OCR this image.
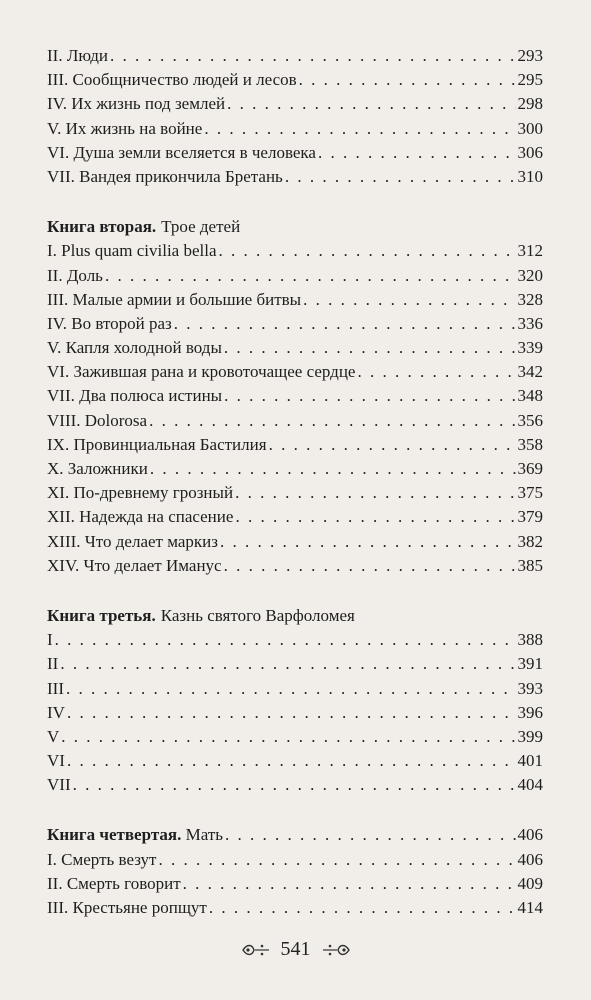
II. Люди . . .	293
III. Сообщничество людей и лесов . . .	295
IV. Их жизнь под землей . . .	298
V. Их жизнь на войне . . .	300
VI. Душа земли вселяется в человека . . .	306
VII. Вандея прикончила Бретань . . .	310
Книга вторая. Трое детей
I. Plus quam civilia bella . . .	312
II. Доль . . .	320
III. Малые армии и большие битвы . . .	328
IV. Во второй раз . . .	336
V. Капля холодной воды . . .	339
VI. Зажившая рана и кровоточащее сердце . . .	342
VII. Два полюса истины . . .	348
VIII. Dolorosa . . .	356
IX. Провинциальная Бастилия . . .	358
X. Заложники . . .	369
XI. По-древнему грозный . . .	375
XII. Надежда на спасение . . .	379
XIII. Что делает маркиз . . .	382
XIV. Что делает Иманус . . .	385
Книга третья. Казнь святого Варфоломея
I . . .	388
II . . .	391
III . . .	393
IV . . .	396
V . . .	399
VI . . .	401
VII . . .	404
Книга четвертая. Мать . . .	406
I. Смерть везут . . .	406
II. Смерть говорит . . .	409
III. Крестьяне ропщут . . .	414
541
